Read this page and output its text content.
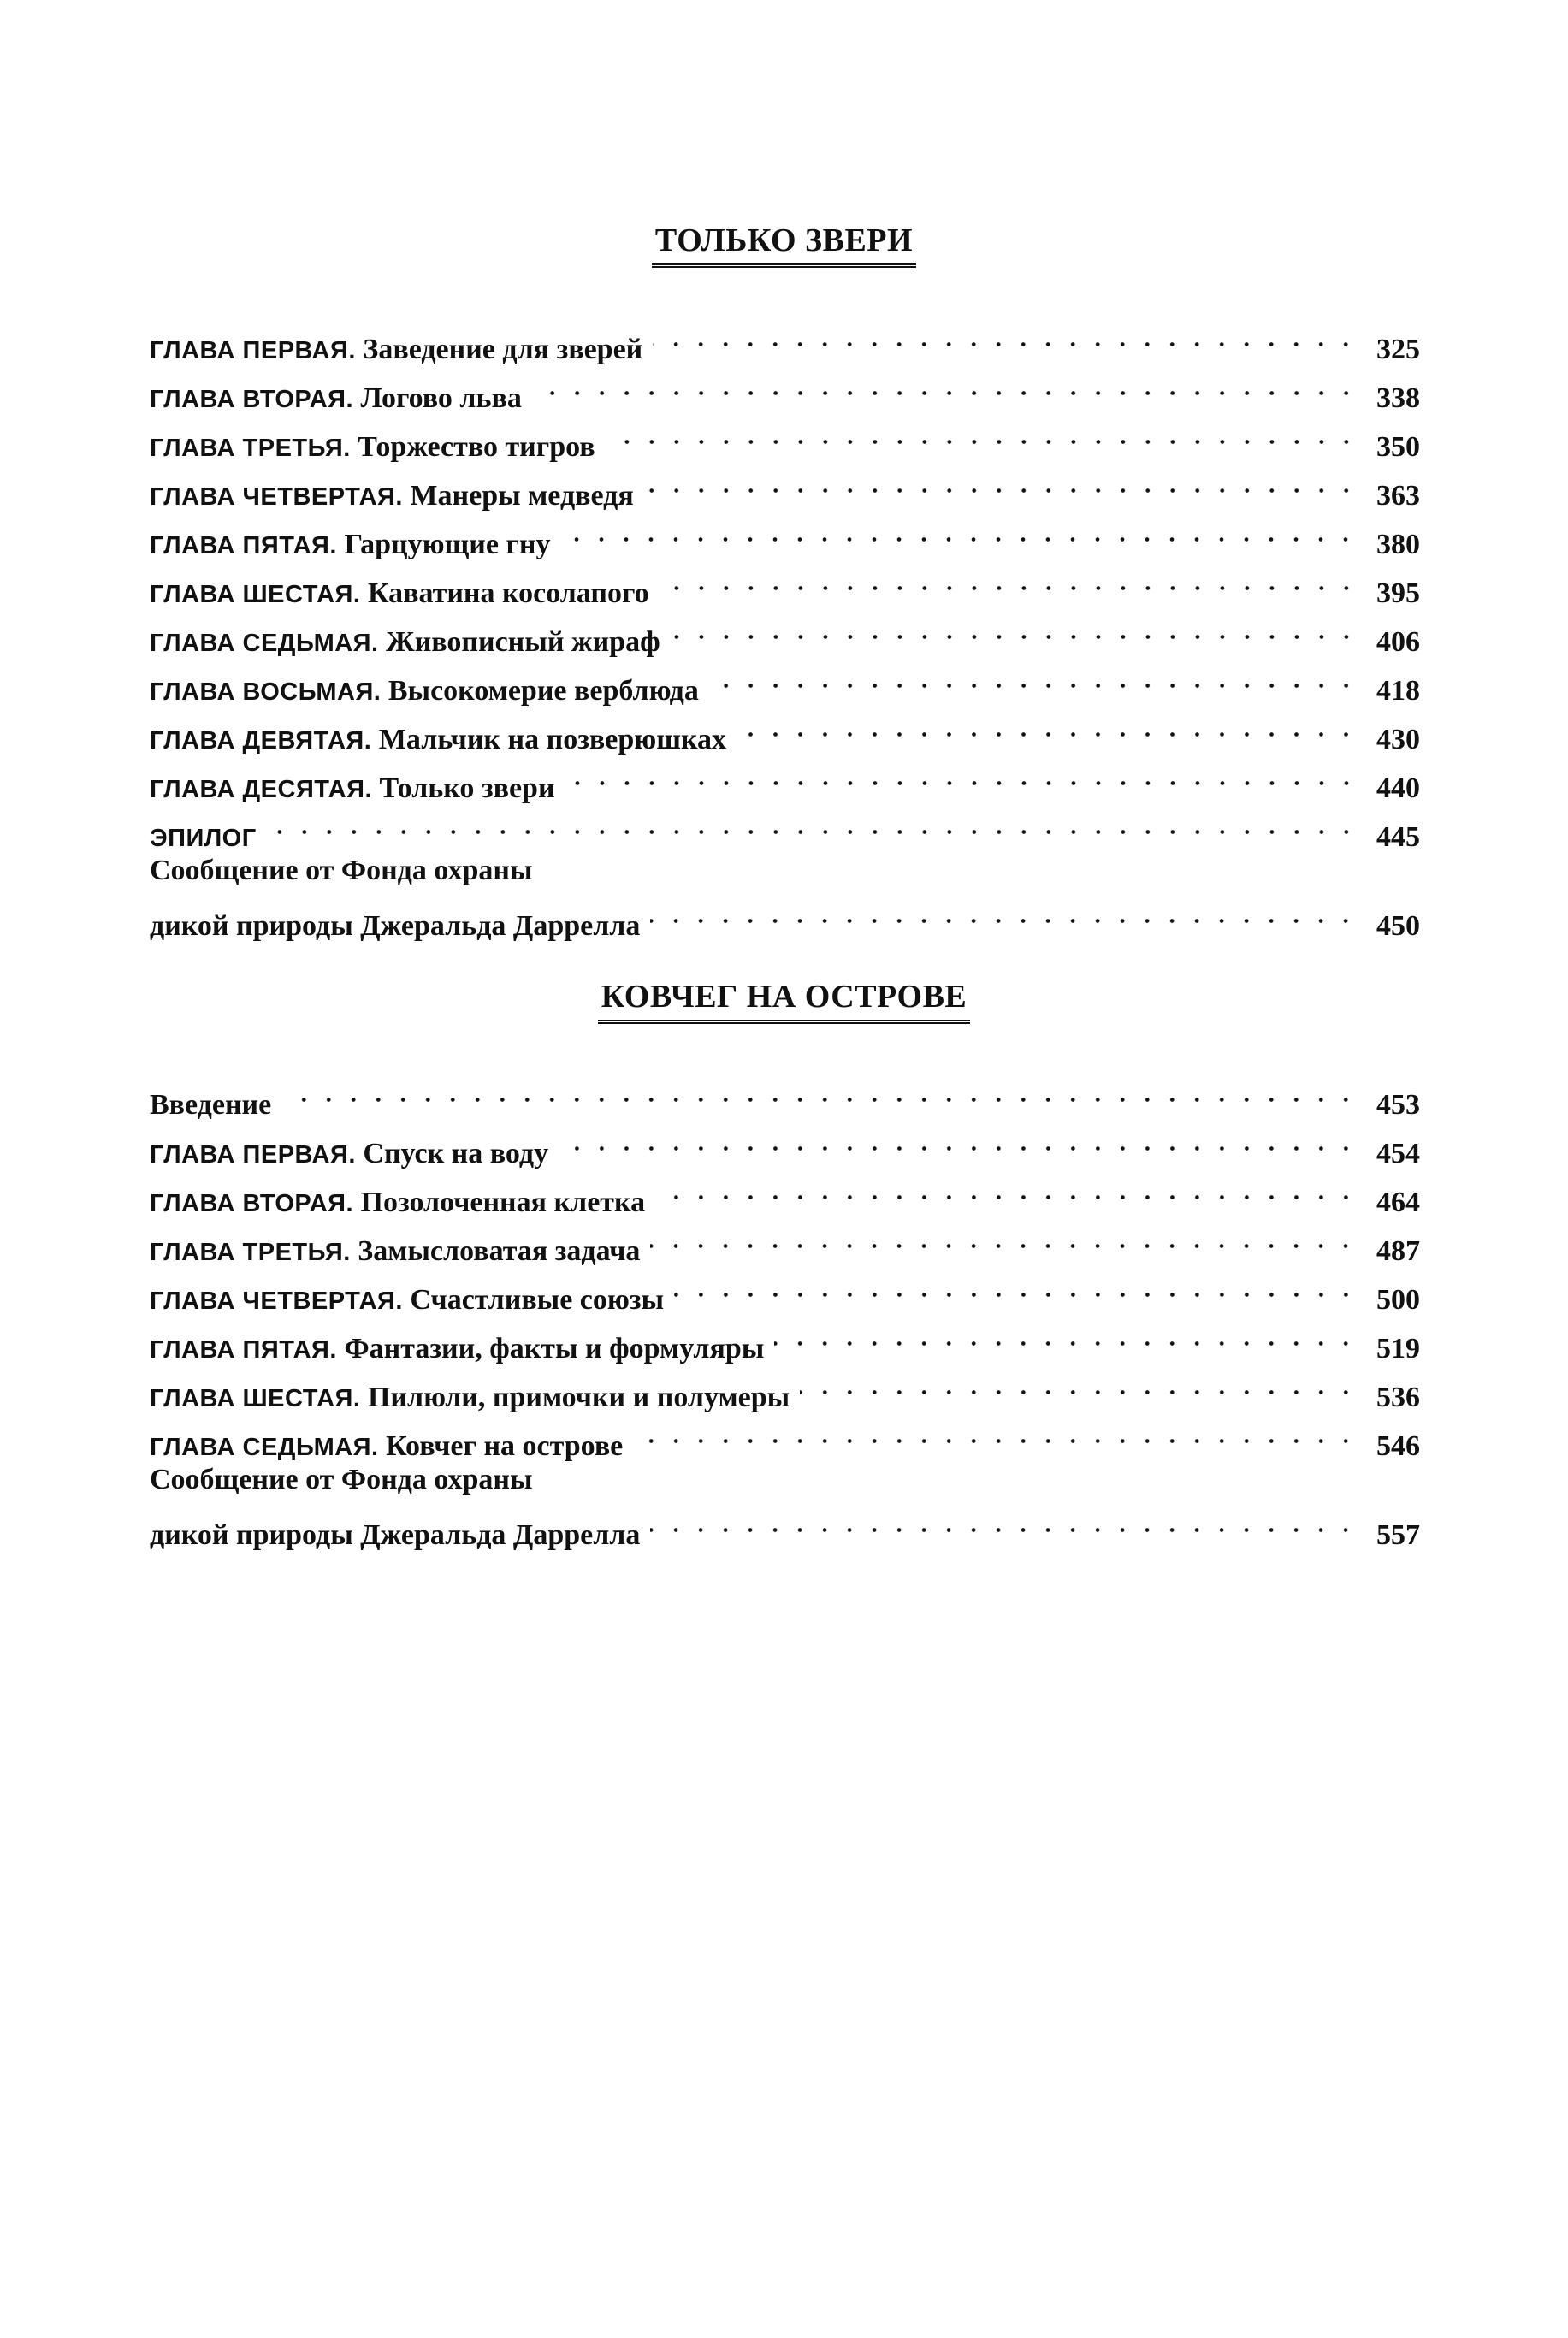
ТОЛЬКО ЗВЕРИ
ГЛАВА ПЕРВАЯ. Заведение для зверей	325
ГЛАВА ВТОРАЯ. Логово льва	338
ГЛАВА ТРЕТЬЯ. Торжество тигров	350
ГЛАВА ЧЕТВЕРТАЯ. Манеры медведя	363
ГЛАВА ПЯТАЯ. Гарцующие гну	380
ГЛАВА ШЕСТАЯ. Каватина косолапого	395
ГЛАВА СЕДЬМАЯ. Живописный жираф	406
ГЛАВА ВОСЬМАЯ. Высокомерие верблюда	418
ГЛАВА ДЕВЯТАЯ. Мальчик на позверюшках	430
ГЛАВА ДЕСЯТАЯ. Только звери	440
ЭПИЛОГ	445
Сообщение от Фонда охраны
дикой природы Джеральда Даррелла	450
КОВЧЕГ НА ОСТРОВЕ
Введение	453
ГЛАВА ПЕРВАЯ. Спуск на воду	454
ГЛАВА ВТОРАЯ. Позолоченная клетка	464
ГЛАВА ТРЕТЬЯ. Замысловатая задача	487
ГЛАВА ЧЕТВЕРТАЯ. Счастливые союзы	500
ГЛАВА ПЯТАЯ. Фантазии, факты и формуляры	519
ГЛАВА ШЕСТАЯ. Пилюли, примочки и полумеры	536
ГЛАВА СЕДЬМАЯ. Ковчег на острове	546
Сообщение от Фонда охраны
дикой природы Джеральда Даррелла	557
